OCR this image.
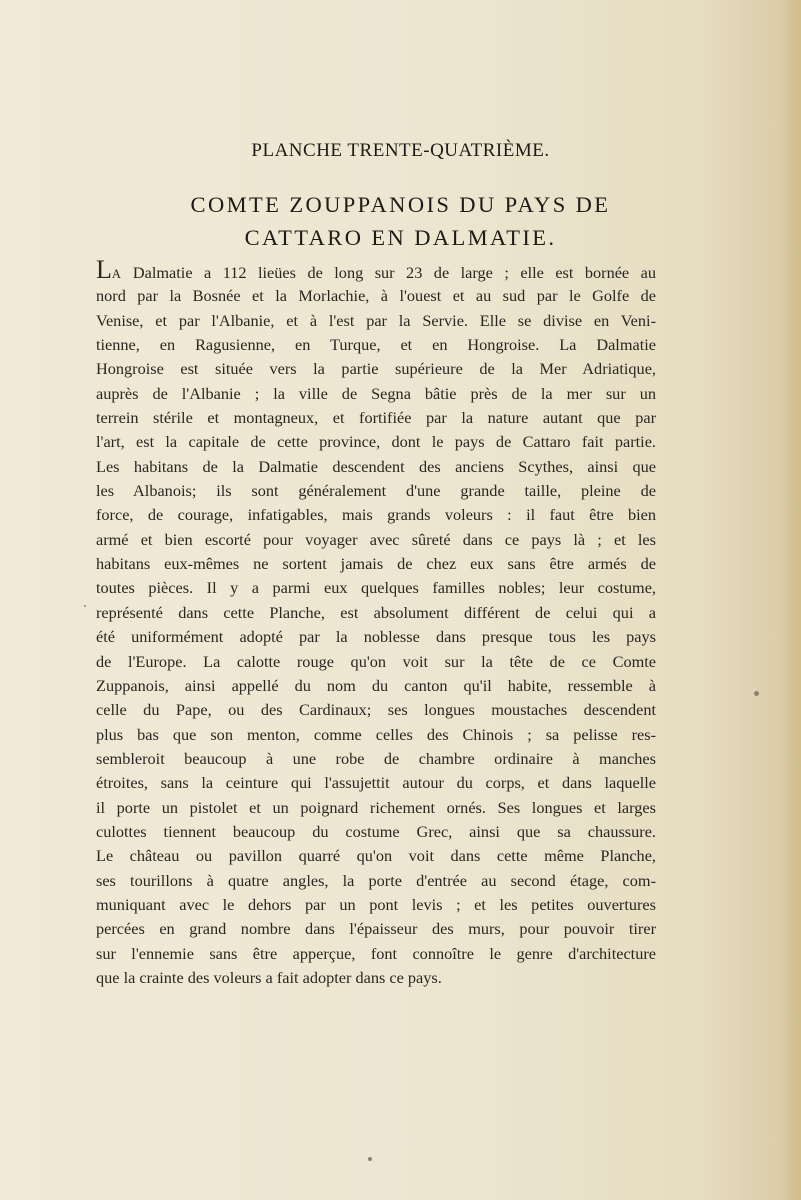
PLANCHE TRENTE-QUATRIÈME.
COMTE ZOUPPANOIS DU PAYS DE
CATTARO EN DALMATIE.
LA Dalmatie a 112 lieües de long sur 23 de large ; elle est bornée au
nord par la Bosnée et la Morlachie, à l'ouest et au sud par le Golfe de
Venise, et par l'Albanie, et à l'est par la Servie. Elle se divise en Veni-
tienne, en Ragusienne, en Turque, et en Hongroise. La Dalmatie
Hongroise est située vers la partie supérieure de la Mer Adriatique,
auprès de l'Albanie ; la ville de Segna bâtie près de la mer sur un
terrein stérile et montagneux, et fortifiée par la nature autant que par
l'art, est la capitale de cette province, dont le pays de Cattaro fait partie.
Les habitans de la Dalmatie descendent des anciens Scythes, ainsi que
les Albanois; ils sont généralement d'une grande taille, pleine de
force, de courage, infatigables, mais grands voleurs : il faut être bien
armé et bien escorté pour voyager avec sûreté dans ce pays là ; et les
habitans eux-mêmes ne sortent jamais de chez eux sans être armés de
toutes pièces. Il y a parmi eux quelques familles nobles; leur costume,
représenté dans cette Planche, est absolument différent de celui qui a
été uniformément adopté par la noblesse dans presque tous les pays
de l'Europe. La calotte rouge qu'on voit sur la tête de ce Comte
Zuppanois, ainsi appellé du nom du canton qu'il habite, ressemble à
celle du Pape, ou des Cardinaux; ses longues moustaches descendent
plus bas que son menton, comme celles des Chinois ; sa pelisse res-
sembleroit beaucoup à une robe de chambre ordinaire à manches
étroites, sans la ceinture qui l'assujettit autour du corps, et dans laquelle
il porte un pistolet et un poignard richement ornés. Ses longues et larges
culottes tiennent beaucoup du costume Grec, ainsi que sa chaussure.
Le château ou pavillon quarré qu'on voit dans cette même Planche,
ses tourillons à quatre angles, la porte d'entrée au second étage, com-
muniquant avec le dehors par un pont levis ; et les petites ouvertures
percées en grand nombre dans l'épaisseur des murs, pour pouvoir tirer
sur l'ennemie sans être apperçue, font connoître le genre d'architecture
que la crainte des voleurs a fait adopter dans ce pays.
